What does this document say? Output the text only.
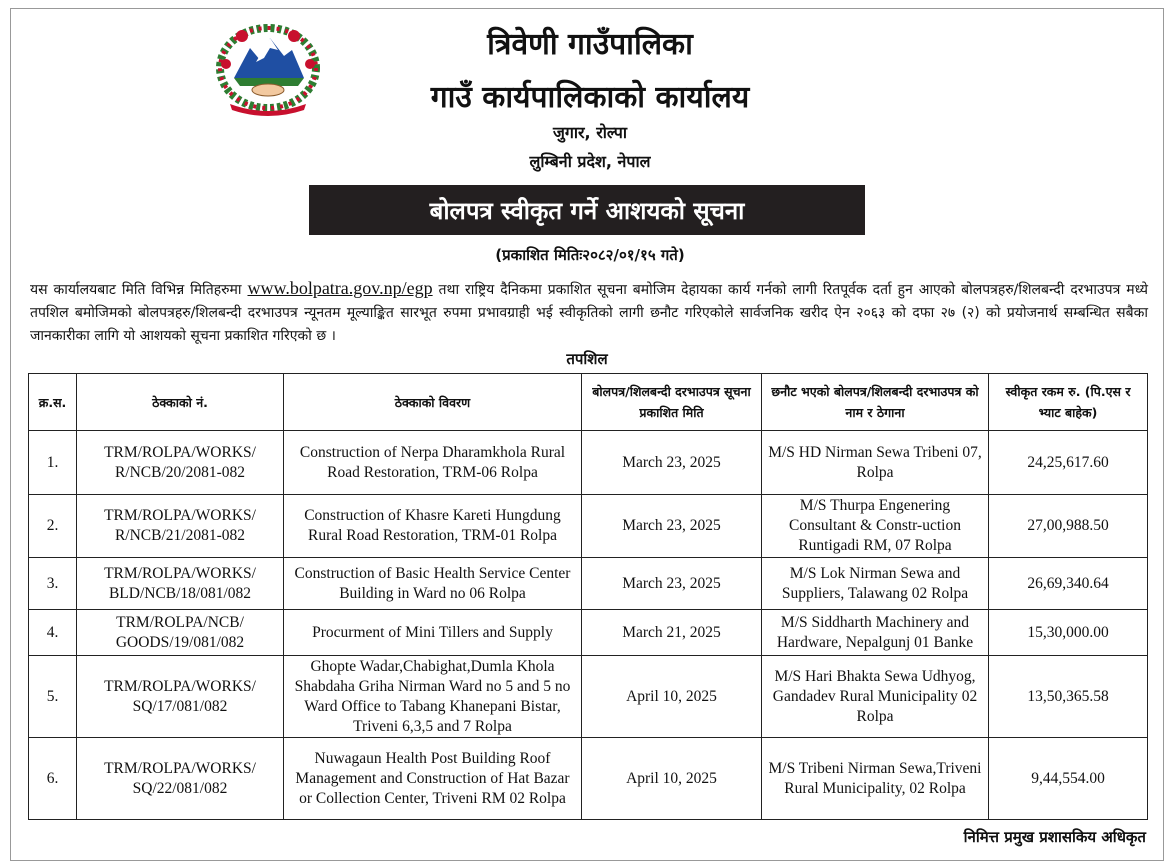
त्रिवेणी गाउँपालिका
गाउँ कार्यपालिकाको कार्यालय
जुगार, रोल्पा
लुम्बिनी प्रदेश, नेपाल
बोलपत्र स्वीकृत गर्ने आशयको सूचना
(प्रकाशित मितिः२०८२/०१/१५ गते)
यस कार्यालयबाट मिति विभिन्न मितिहरुमा www.bolpatra.gov.np/egp तथा राष्ट्रिय दैनिकमा प्रकाशित सूचना बमोजिम देहायका कार्य गर्नको लागी रितपूर्वक दर्ता हुन आएको बोलपत्रहरु/शिलबन्दी दरभाउपत्र मध्ये तपशिल बमोजिमको बोलपत्रहरु/शिलबन्दी दरभाउपत्र न्यूनतम मूल्याङ्कित सारभूत रुपमा प्रभावग्राही भई स्वीकृतिको लागी छनौट गरिएकोले सार्वजनिक खरीद ऐन २०६३ को दफा २७ (२) को प्रयोजनार्थ सम्बन्धित सबैका जानकारीका लागि यो आशयको सूचना प्रकाशित गरिएको छ ।
तपशिल
क्र.स.	ठेक्काको नं.	ठेक्काको विवरण	बोलपत्र/शिलबन्दी दरभाउपत्र सूचना प्रकाशित मिति	छनौट भएको बोलपत्र/शिलबन्दी दरभाउपत्र को नाम र ठेगाना	स्वीकृत रकम रु. (पि.एस र भ्याट बाहेक)
1.	TRM/ROLPA/WORKS/ R/NCB/20/2081-082	Construction of Nerpa Dharamkhola Rural Road Restoration, TRM-06 Rolpa	March 23, 2025	M/S HD Nirman Sewa Tribeni 07, Rolpa	24,25,617.60
2.	TRM/ROLPA/WORKS/ R/NCB/21/2081-082	Construction of Khasre Kareti Hungdung Rural Road Restoration, TRM-01 Rolpa	March 23, 2025	M/S Thurpa Engenering Consultant & Constr-uction Runtigadi RM, 07 Rolpa	27,00,988.50
3.	TRM/ROLPA/WORKS/ BLD/NCB/18/081/082	Construction of Basic Health Service Center Building in Ward no 06 Rolpa	March 23, 2025	M/S Lok Nirman Sewa and Suppliers, Talawang 02 Rolpa	26,69,340.64
4.	TRM/ROLPA/NCB/ GOODS/19/081/082	Procurment of Mini Tillers and Supply	March 21, 2025	M/S Siddharth Machinery and Hardware, Nepalgunj 01 Banke	15,30,000.00
5.	TRM/ROLPA/WORKS/ SQ/17/081/082	Ghopte Wadar,Chabighat,Dumla Khola Shabdaha Griha Nirman Ward no 5 and 5 no Ward Office to Tabang Khanepani Bistar, Triveni 6,3,5 and 7 Rolpa	April 10, 2025	M/S Hari Bhakta Sewa Udhyog, Gandadev Rural Municipality 02 Rolpa	13,50,365.58
6.	TRM/ROLPA/WORKS/ SQ/22/081/082	Nuwagaun Health Post Building Roof Management and Construction of Hat Bazar or Collection Center, Triveni RM 02 Rolpa	April 10, 2025	M/S Tribeni Nirman Sewa,Triveni Rural Municipality, 02 Rolpa	9,44,554.00
निमित्त प्रमुख प्रशासकिय अधिकृत
